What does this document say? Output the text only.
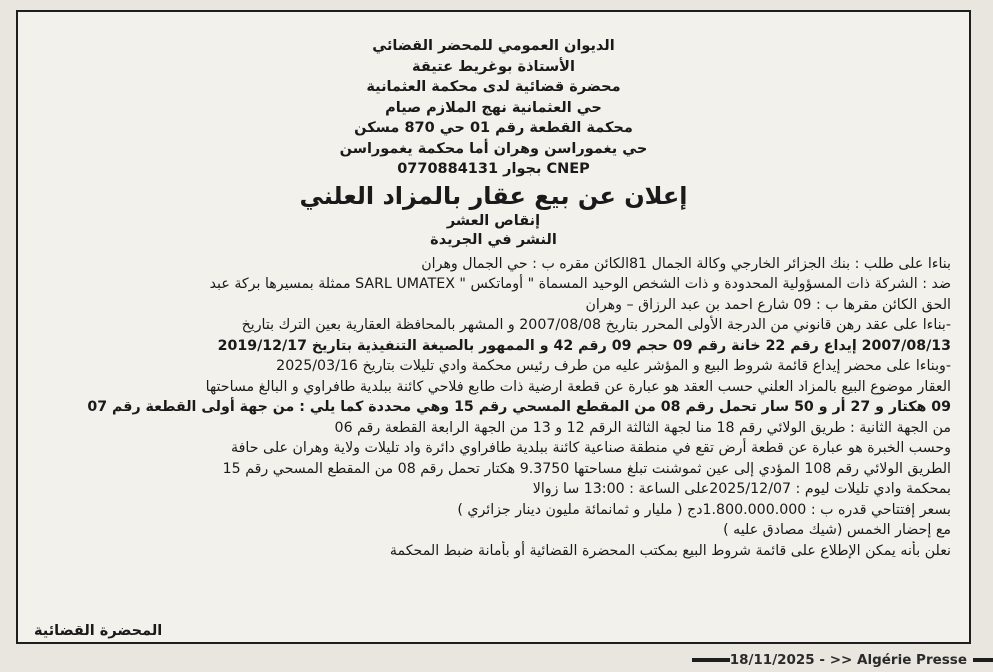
الديوان العمومي للمحضر القضائي
الأستاذة بوغريط عتيقة
محضرة قضائية لدى محكمة العثمانية
حي العثمانية نهج الملازم صيام
محكمة القطعة رقم 01 حي 870 مسكن
حي يغموراسن وهران أما محكمة يغموراسن
CNEP بجوار 0770884131
إعلان عن بيع عقار بالمزاد العلني
إنقاص العشر
النشر في الجريدة
بناءا على طلب : بنك الجزائر الخارجي وكالة الجمال 81الكائن مقره ب : حي الجمال وهران
ضد : الشركة ذات المسؤولية المحدودة و ذات الشخص الوحيد المسماة " أوماتكس " SARL UMATEX ممثلة بمسيرها بركة عبد
الحق الكائن مقرها ب : 09 شارع احمد بن عبد الرزاق – وهران
-بناءا على عقد رهن قانوني من الدرجة الأولى المحرر بتاريخ 2007/08/08 و المشهر بالمحافظة العقارية بعين الترك بتاريخ
2007/08/13 إيداع رقم 22 خانة رقم 09 حجم 09 رقم 42 و الممهور بالصيغة التنفيذية بتاريخ 2019/12/17
-وبناءا على محضر إيداع قائمة شروط البيع و المؤشر عليه من طرف رئيس محكمة وادي تليلات بتاريخ 2025/03/16
العقار موضوع البيع بالمزاد العلني حسب العقد هو عبارة عن قطعة ارضية ذات طابع فلاحي كائنة ببلدية طافراوي و البالغ مساحتها
09 هكتار و 27 أر و 50 سار تحمل رقم 08 من المقطع المسحي رقم 15 وهي محددة كما يلي : من جهة أولى القطعة رقم 07
من الجهة الثانية : طريق الولائي رقم 18 منا لجهة الثالثة الرقم 12 و 13 من الجهة الرابعة القطعة رقم 06
وحسب الخبرة هو عبارة عن قطعة أرض تقع في منطقة صناعية كائنة ببلدية طافراوي دائرة واد تليلات ولاية وهران على حافة
الطريق الولائي رقم 108 المؤدي إلى عين ثموشنت تبلغ مساحتها 9.3750 هكتار تحمل رقم 08 من المقطع المسحي رقم 15
بمحكمة وادي تليلات ليوم : 2025/12/07على الساعة : 13:00 سا زوالا
بسعر إفتتاحي قدره ب : 1.800.000.000دج ( مليار و ثمانمائة مليون دينار جزائري )
مع إحضار الخمس (شيك مصادق عليه )
نعلن بأنه يمكن الإطلاع على قائمة شروط البيع بمكتب المحضرة القضائية أو بأمانة ضبط المحكمة
المحضرة القضائية
18/11/2025 - >> Algérie Presse
